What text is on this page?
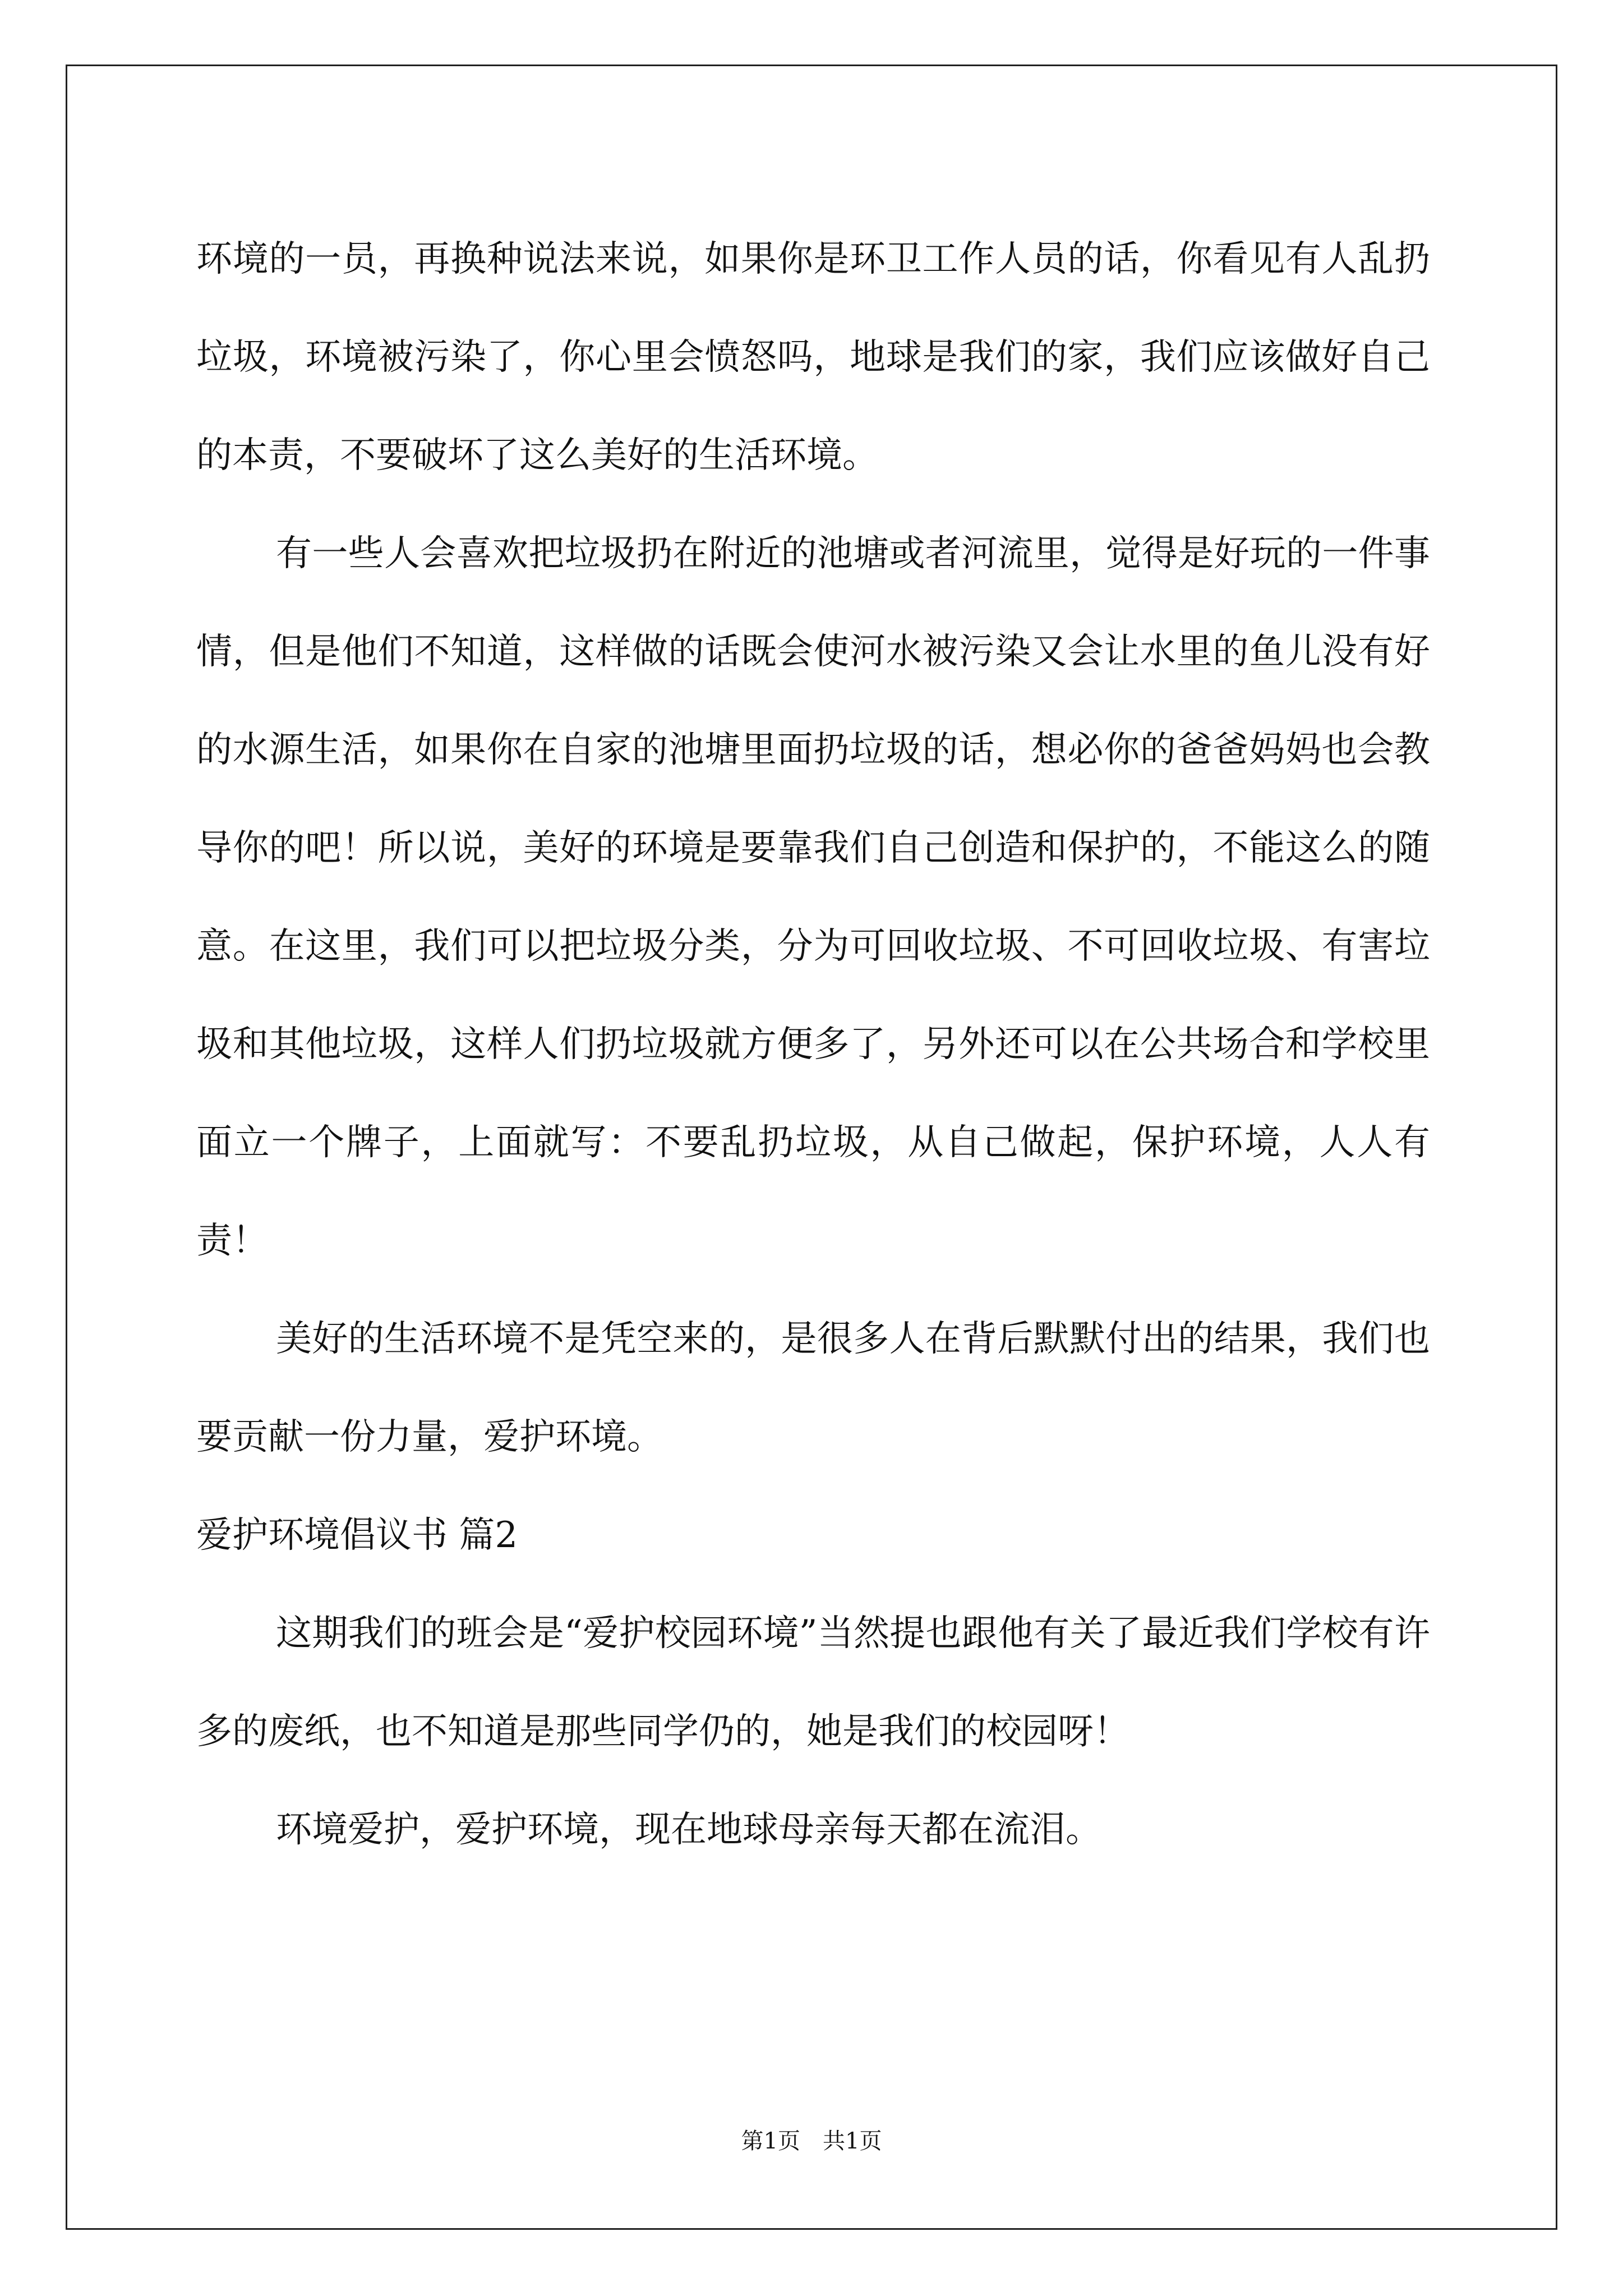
环境的一员，再换种说法来说，如果你是环卫工作人员的话，你看见有人乱扔垃圾，环境被污染了，你心里会愤怒吗，地球是我们的家，我们应该做好自己的本责，不要破坏了这么美好的生活环境。

有一些人会喜欢把垃圾扔在附近的池塘或者河流里，觉得是好玩的一件事情，但是他们不知道，这样做的话既会使河水被污染又会让水里的鱼儿没有好的水源生活，如果你在自家的池塘里面扔垃圾的话，想必你的爸爸妈妈也会教导你的吧！所以说，美好的环境是要靠我们自己创造和保护的，不能这么的随意。在这里，我们可以把垃圾分类，分为可回收垃圾、不可回收垃圾、有害垃圾和其他垃圾，这样人们扔垃圾就方便多了，另外还可以在公共场合和学校里面立一个牌子，上面就写：不要乱扔垃圾，从自己做起，保护环境，人人有责！

美好的生活环境不是凭空来的，是很多人在背后默默付出的结果，我们也要贡献一份力量，爱护环境。

爱护环境倡议书 篇2

这期我们的班会是“爱护校园环境”当然提也跟他有关了最近我们学校有许多的废纸，也不知道是那些同学仍的，她是我们的校园呀！

环境爱护，爱护环境，现在地球母亲每天都在流泪。

第1页　共1页
